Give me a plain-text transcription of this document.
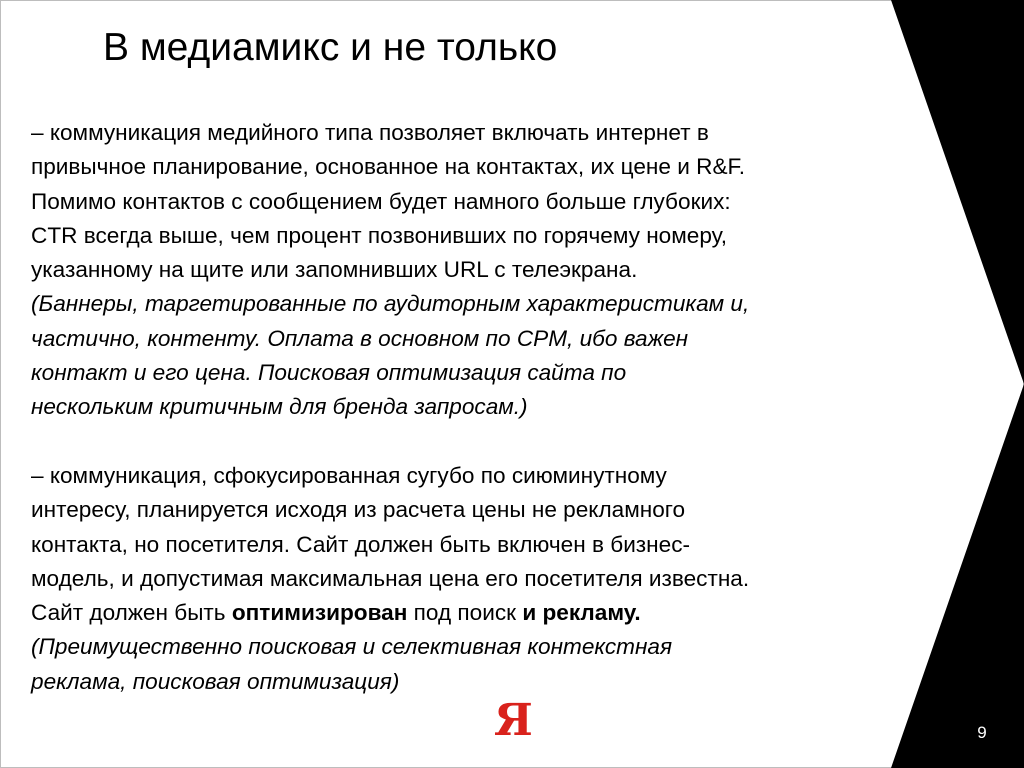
В медиамикс и не только
– коммуникация медийного типа позволяет включать интернет в
привычное планирование, основанное на контактах, их цене и R&F.
Помимо контактов с сообщением будет намного больше глубоких:
CTR всегда выше, чем процент позвонивших по горячему номеру,
указанному на щите или запомнивших URL с телеэкрана.
(Баннеры, таргетированные по аудиторным характеристикам и,
частично, контенту. Оплата в основном по CPM, ибо важен
контакт и его цена. Поисковая оптимизация сайта по
нескольким критичным для бренда запросам.)
– коммуникация, сфокусированная сугубо по сиюминутному
интересу, планируется исходя из расчета цены не рекламного
контакта, но посетителя. Сайт должен быть включен в бизнес-
модель, и допустимая максимальная цена его посетителя известна.
Сайт должен быть оптимизирован под поиск и рекламу.
(Преимущественно поисковая и селективная контекстная
реклама, поисковая оптимизация)
Я	9
